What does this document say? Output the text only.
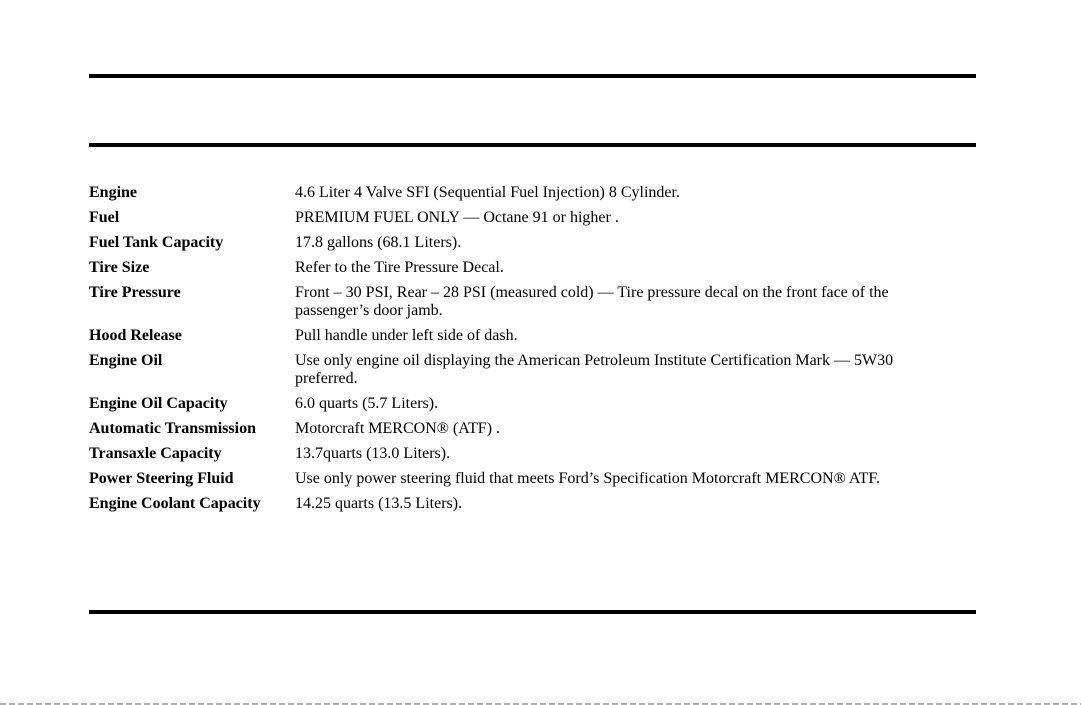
Engine	4.6 Liter 4 Valve SFI (Sequential Fuel Injection) 8 Cylinder.
Fuel	PREMIUM FUEL ONLY — Octane 91 or higher .
Fuel Tank Capacity	17.8 gallons (68.1 Liters).
Tire Size	Refer to the Tire Pressure Decal.
Tire Pressure	Front – 30 PSI, Rear – 28 PSI (measured cold) — Tire pressure decal on the front face of the passenger’s door jamb.
Hood Release	Pull handle under left side of dash.
Engine Oil	Use only engine oil displaying the American Petroleum Institute Certification Mark — 5W30 preferred.
Engine Oil Capacity	6.0 quarts (5.7 Liters).
Automatic Transmission	Motorcraft MERCON® (ATF) .
Transaxle Capacity	13.7quarts (13.0 Liters).
Power Steering Fluid	Use only power steering fluid that meets Ford’s Specification Motorcraft MERCON® ATF.
Engine Coolant Capacity	14.25 quarts (13.5 Liters).
